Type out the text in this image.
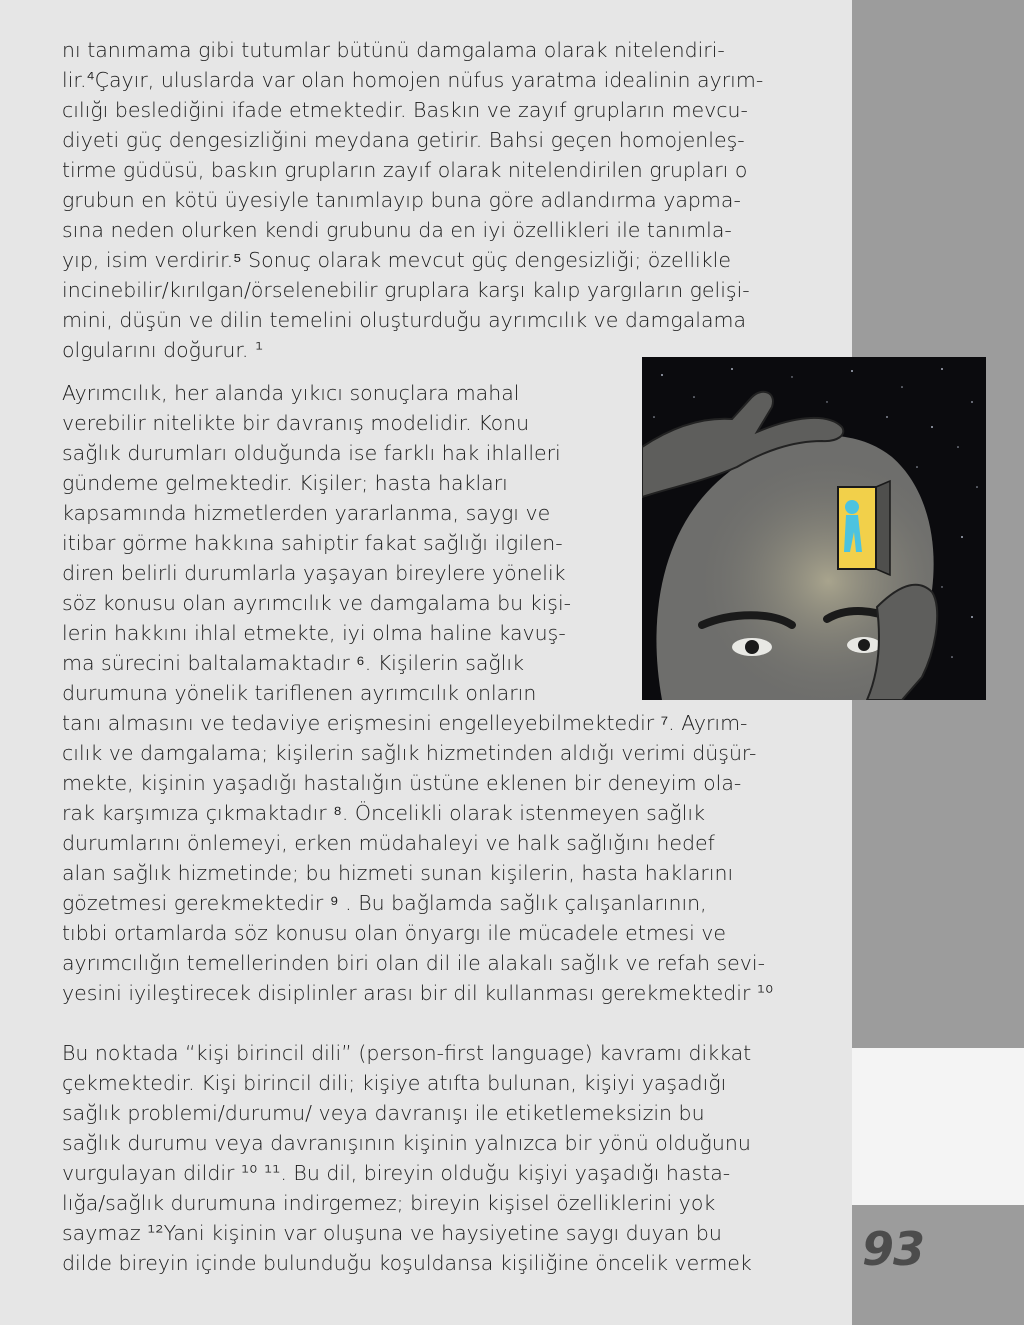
93
nı tanımama gibi tutumlar bütünü damgalama olarak nitelendiri-
lir.⁴Çayır, uluslarda var olan homojen nüfus yaratma idealinin ayrım-
cılığı beslediğini ifade etmektedir. Baskın ve zayıf grupların mevcu-
diyeti güç dengesizliğini meydana getirir. Bahsi geçen homojenleş-
tirme güdüsü, baskın grupların zayıf olarak nitelendirilen grupları o
grubun en kötü üyesiyle tanımlayıp buna göre adlandırma yapma-
sına neden olurken kendi grubunu da en iyi özellikleri ile tanımla-
yıp, isim verdirir.⁵ Sonuç olarak mevcut güç dengesizliği; özellikle
incinebilir/kırılgan/örselenebilir gruplara karşı kalıp yargıların gelişi-
mini, düşün ve dilin temelini oluşturduğu ayrımcılık ve damgalama
olgularını doğurur. ¹
Ayrımcılık, her alanda yıkıcı sonuçlara mahal
verebilir nitelikte bir davranış modelidir. Konu
sağlık durumları olduğunda ise farklı hak ihlalleri
gündeme gelmektedir. Kişiler; hasta hakları
kapsamında hizmetlerden yararlanma, saygı ve
itibar görme hakkına sahiptir fakat sağlığı ilgilen-
diren belirli durumlarla yaşayan bireylere yönelik
söz konusu olan ayrımcılık ve damgalama bu kişi-
lerin hakkını ihlal etmekte, iyi olma haline kavuş-
ma sürecini baltalamaktadır ⁶. Kişilerin sağlık
durumuna yönelik tariflenen ayrımcılık onların
tanı almasını ve tedaviye erişmesini engelleyebilmektedir ⁷. Ayrım-
cılık ve damgalama; kişilerin sağlık hizmetinden aldığı verimi düşür-
mekte, kişinin yaşadığı hastalığın üstüne eklenen bir deneyim ola-
rak karşımıza çıkmaktadır ⁸. Öncelikli olarak istenmeyen sağlık
durumlarını önlemeyi, erken müdahaleyi ve halk sağlığını hedef
alan sağlık hizmetinde; bu hizmeti sunan kişilerin, hasta haklarını
gözetmesi gerekmektedir ⁹ . Bu bağlamda sağlık çalışanlarının,
tıbbi ortamlarda söz konusu olan önyargı ile mücadele etmesi ve
ayrımcılığın temellerinden biri olan dil ile alakalı sağlık ve refah sevi-
yesini iyileştirecek disiplinler arası bir dil kullanması gerekmektedir ¹⁰
Bu noktada “kişi birincil dili” (person-first language) kavramı dikkat
çekmektedir. Kişi birincil dili; kişiye atıfta bulunan, kişiyi yaşadığı
sağlık problemi/durumu/ veya davranışı ile etiketlemeksizin bu
sağlık durumu veya davranışının kişinin yalnızca bir yönü olduğunu
vurgulayan dildir ¹⁰ ¹¹. Bu dil, bireyin olduğu kişiyi yaşadığı hasta-
lığa/sağlık durumuna indirgemez; bireyin kişisel özelliklerini yok
saymaz ¹²Yani kişinin var oluşuna ve haysiyetine saygı duyan bu
dilde bireyin içinde bulunduğu koşuldansa kişiliğine öncelik vermek
